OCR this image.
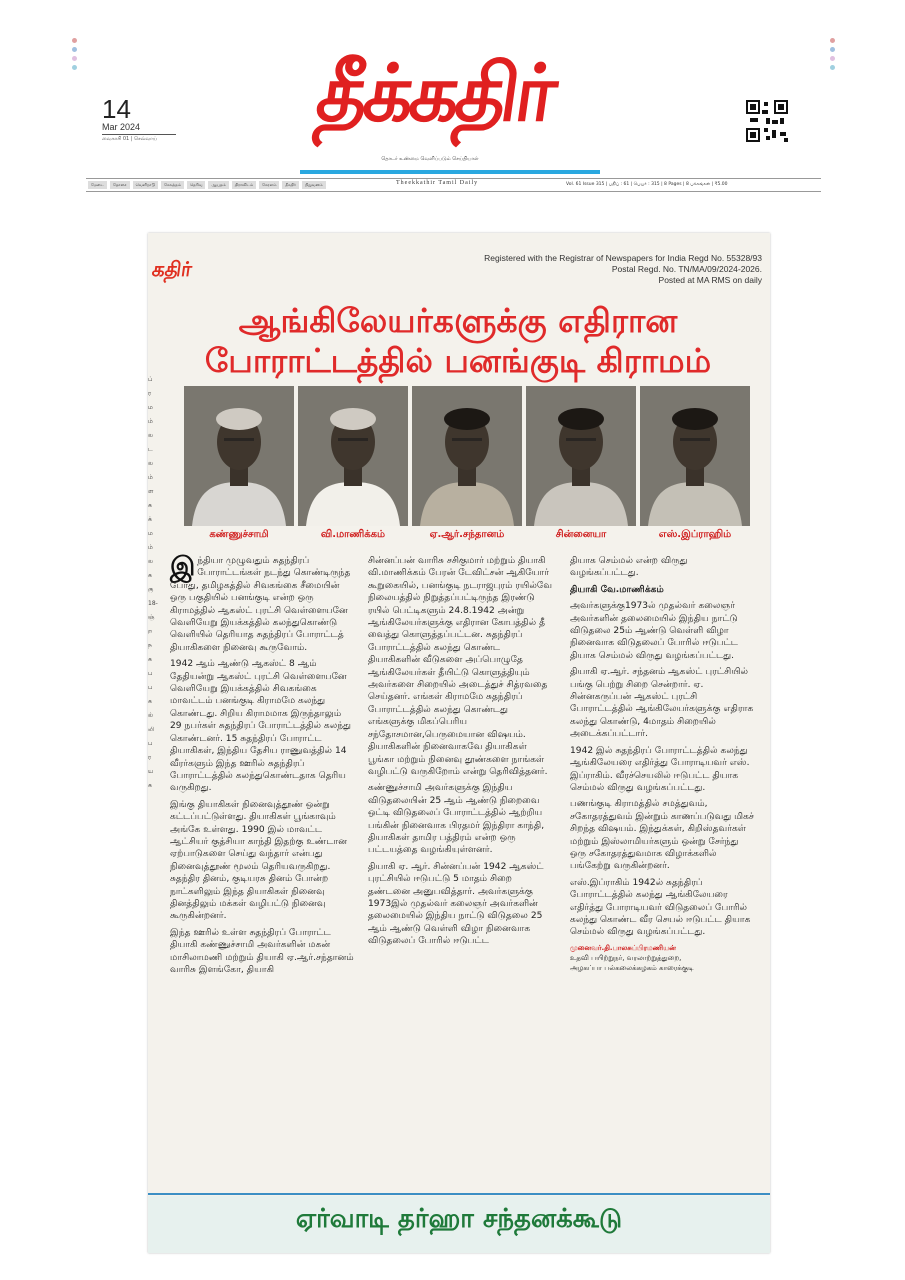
14
Mar 2024
வைகாசி 01 | செவ்வாய்	தீக்கதிர்
தொடர் உண்மை வெளிப்படும் செய்தியாள்
மேடை	தோசை	வெளிநாடு	சேலத்தம்	தெரிவு	ஆயுதம்	திராவிடம்	கேரளம்	தீகதிர்	நிறுவனம்	Theekkathir Tamil Daily	Vol. 61 Issue 315 | பதிப் : 61 | பெயர் : 315 | 8 Pages | 8 பக்கங்கள் | ₹5.00
ப்
ர
ம
ம்
ல
ட
ல
ம்
ள
க
க்
ம
ம்
ல
க
கு
18-
ஞ்
ற
ந
க
ப
ப
க
ல்
லி
ப
ர
ய
க
கதிர்	Registered with the Registrar of Newspapers for India Regd No. 55328/93
Postal Regd. No. TN/MA/09/2024-2026.
Posted at MA RMS on daily
ஆங்கிலேயர்களுக்கு எதிரான
போராட்டத்தில் பனங்குடி கிராமம்
கண்ணுச்சாமி	வி.மாணிக்கம்	ஏ.ஆர்.சந்தானம்	சின்னையா	எஸ்.இப்ராஹிம்

இந்தியா முழுவதும் சுதந்திரப் போராட்டங்கள் நடந்து கொண்டிருந்த போது, தமிழகத்தில் சிவகங்கை சீமையின் ஒரு பகுதியில் பனங்குடி என்ற ஒரு கிராமத்தில் ஆகஸ்ட் புரட்சி வெள்ளையனே வெளியேறு இயக்கத்தில் கலந்துகொண்டு வெளியில் தெரியாத சுதந்திரப் போராட்டத் தியாகிகளை நினைவு கூருவோம்.

1942 ஆம் ஆண்டு ஆகஸ்ட் 8 ஆம் தேதியன்று ஆகஸ்ட் புரட்சி வெள்ளையனே வெளியேறு இயக்கத்தில் சிவகங்கை மாவட்டம் பனங்குடி கிராமமே கலந்து கொண்டது. சிறிய கிராமமாக இருந்தாலும் 29 நபர்கள் சுதந்திரப் போராட்டத்தில் கலந்து கொண்டனர். 15 சுதந்திரப் போராட்ட தியாகிகள், இந்திய தேசிய ராணுவத்தில் 14 வீரர்களும் இந்த ஊரில் சுதந்திரப் போராட்டத்தில் கலந்துகொண்டதாக தெரிய வருகிறது.

இங்கு தியாகிகள் நினைவுத்தூண் ஒன்று கட்டப்பட்டுள்ளது. தியாகிகள் பூங்காவும் அங்கே உள்ளது. 1990 இல் மாவட்ட ஆட்சியர் குத்சியா காந்தி இதற்கு உண்டான ஏற்பாடுகளை செய்து வந்தார் என்பது நினைவுத்தூண் மூலம் தெரியவருகிறது. சுதந்திர தினம், குடியரசு தினம் போன்ற நாட்களிலும் இந்த தியாகிகள் நினைவு தினத்திலும் மக்கள் வழிபட்டு நினைவு கூருகின்றனர்.

இந்த ஊரில் உள்ள சுதந்திரப் போராட்ட தியாகி கண்ணுச்சாமி அவர்களின் மகன் மாசிலாமணி மற்றும் தியாகி ஏ.ஆர்.சந்தானம் வாரிசு இளங்கோ, தியாகி

சின்னப்பன் வாரிசு சசிகுமார் மற்றும் தியாகி வி.மாணிக்கம் பேரன் டேவிட்சன் ஆகியோர் கூறுகையில், பனங்குடி நடராஜபுரம் ரயில்வே நிலையத்தில் நிறுத்தப்பட்டிருந்த இரண்டு ரயில் பெட்டிகளும் 24.8.1942 அன்று ஆங்கிலேயர்களுக்கு எதிரான கோபத்தில் தீ வைத்து கொளுத்தப்பட்டன. சுதந்திரப் போராட்டத்தில் கலந்து கொண்ட தியாகிகளின் வீடுகளை அப்பொழுதே ஆங்கிலேயர்கள் தீயிட்டு கொளுத்தியும் அவர்களை சிறையில் அடைத்துச் சித்ரவதை செய்தனர். எங்கள் கிராமமே சுதந்திரப் போராட்டத்தில் கலந்து கொண்டது எங்களுக்கு மிகப்பெரிய சந்தோசமான,பெருமையான விஷயம். தியாகிகளின் நினைவாகவே தியாகிகள் பூங்கா மற்றும் நினைவு தூண்களை நாங்கள் வழிபட்டு வருகிறோம் என்று தெரிவித்தனர்.

கண்ணுச்சாமி அவர்களுக்கு இந்திய விடுதலையின் 25 ஆம் ஆண்டு நிறைவை ஒட்டி விடுதலைப் போராட்டத்தில் ஆற்றிய பங்கின் நினைவாக பிரதமர் இந்திரா காந்தி, தியாகிகள் தாமிர பத்திரம் என்ற ஒரு பட்டயத்தை வழங்கியுள்ளனர்.

தியாகி ஏ. ஆர். சின்னப்பன் 1942 ஆகஸ்ட் புரட்சியில் ஈடுபட்டு 5 மாதம் சிறை தண்டனை அனுபவித்தார். அவர்களுக்கு 1973இல் முதல்வர் கலைஞர் அவர்களின் தலைமையில் இந்திய நாட்டு விடுதலை 25 ஆம் ஆண்டு வெள்ளி விழா நினைவாக விடுதலைப் போரில் ஈடுபட்ட

தியாக செம்மல் என்ற விருது வழங்கப்பட்டது.

தியாகி வே.மாணிக்கம்

அவர்களுக்கு1973ல் முதல்வர் கலைஞர் அவர்களின் தலைமையில் இந்திய நாட்டு விடுதலை 25ம் ஆண்டு வெள்ளி விழா நினைவாக விடுதலைப் போரில் ஈடுபட்ட தியாக செம்மல் விருது வழங்கப்பட்டது.

தியாகி ஏ.ஆர். சந்தனம் ஆகஸ்ட் புரட்சியில் பங்கு பெற்று சிறை சென்றார். ஏ. சின்னகருப்பன் ஆகஸ்ட் புரட்சி போராட்டத்தில் ஆங்கிலேயர்களுக்கு எதிராக கலந்து கொண்டு, 4மாதம் சிறையில் அடைக்கப்பட்டார்.

1942 இல் சுதந்திரப் போராட்டத்தில் கலந்து ஆங்கிலேயரை எதிர்த்து போராடியவர் எஸ். இப்ராகிம். வீரச்செயலில் ஈடுபட்ட தியாக செம்மல் விருது வழங்கப்பட்டது.

பணங்குடி கிராமத்தில் சமத்துவம், சகோதரத்துவம் இன்றும் காணப்படுவது மிகச் சிறந்த விஷயம். இந்துக்கள், கிறிஸ்தவர்கள் மற்றும் இஸ்லாமியர்களும் ஒன்று சேர்ந்து ஒரு சகோதரத்துவமாக விழாக்களில் பங்கேற்று வருகின்றனர்.

எஸ்.இப்ராகிம் 1942ல் சுதந்திரப் போராட்டத்தில் கலந்து ஆங்கிலேயரை எதிர்த்து போராடியவர் விடுதலைப் போரில் கலந்து கொண்ட வீர செயல் ஈடுபட்ட தியாக செம்மல் விருது வழங்கப்பட்டது.

முனைவர்.தி.பாலசுப்பிரமணியன்
உதவி பயிற்றுநர், வரலாற்றுத்துறை,
அழகப்பா பல்கலைக்கழகம் காரைக்குடி
ஏர்வாடி தர்ஹா சந்தனக்கூடு
